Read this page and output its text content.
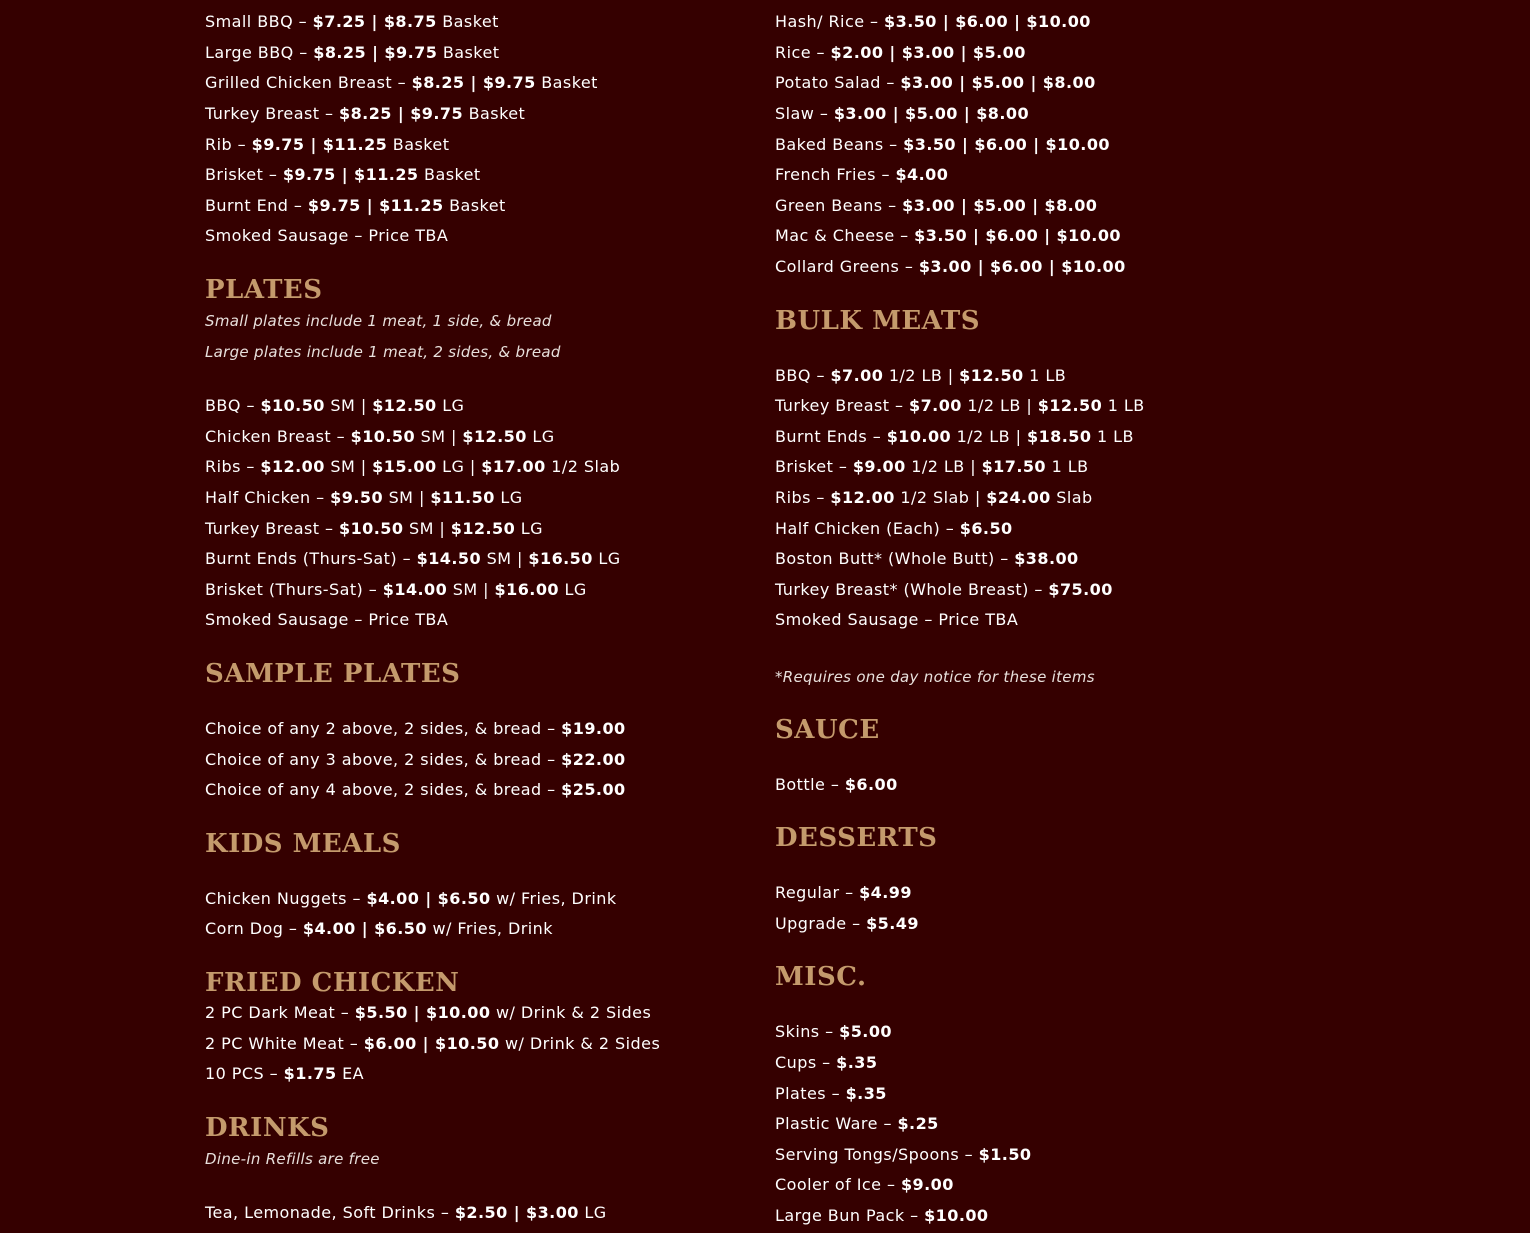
Small BBQ – $7.25 | $8.75 Basket
Large BBQ – $8.25 | $9.75 Basket
Grilled Chicken Breast – $8.25 | $9.75 Basket
Turkey Breast – $8.25 | $9.75 Basket
Rib – $9.75 | $11.25 Basket
Brisket – $9.75 | $11.25 Basket
Burnt End – $9.75 | $11.25 Basket
Smoked Sausage – Price TBA
PLATES
Small plates include 1 meat, 1 side, & bread
Large plates include 1 meat, 2 sides, & bread
BBQ – $10.50 SM | $12.50 LG
Chicken Breast – $10.50 SM | $12.50 LG
Ribs – $12.00 SM | $15.00 LG | $17.00 1/2 Slab
Half Chicken – $9.50 SM | $11.50 LG
Turkey Breast – $10.50 SM | $12.50 LG
Burnt Ends (Thurs-Sat) – $14.50 SM | $16.50 LG
Brisket (Thurs-Sat) – $14.00 SM | $16.00 LG
Smoked Sausage – Price TBA
SAMPLE PLATES
Choice of any 2 above, 2 sides, & bread – $19.00
Choice of any 3 above, 2 sides, & bread – $22.00
Choice of any 4 above, 2 sides, & bread – $25.00
KIDS MEALS
Chicken Nuggets – $4.00 | $6.50 w/ Fries, Drink
Corn Dog – $4.00 | $6.50 w/ Fries, Drink
FRIED CHICKEN
2 PC Dark Meat – $5.50 | $10.00 w/ Drink & 2 Sides
2 PC White Meat – $6.00 | $10.50 w/ Drink & 2 Sides
10 PCS – $1.75 EA
DRINKS
Dine-in Refills are free
Tea, Lemonade, Soft Drinks – $2.50 | $3.00 LG
Hash/ Rice – $3.50 | $6.00 | $10.00
Rice – $2.00 | $3.00 | $5.00
Potato Salad – $3.00 | $5.00 | $8.00
Slaw – $3.00 | $5.00 | $8.00
Baked Beans – $3.50 | $6.00 | $10.00
French Fries – $4.00
Green Beans – $3.00 | $5.00 | $8.00
Mac & Cheese – $3.50 | $6.00 | $10.00
Collard Greens – $3.00 | $6.00 | $10.00
BULK MEATS
BBQ – $7.00 1/2 LB | $12.50 1 LB
Turkey Breast – $7.00 1/2 LB | $12.50 1 LB
Burnt Ends – $10.00 1/2 LB | $18.50 1 LB
Brisket – $9.00 1/2 LB | $17.50 1 LB
Ribs – $12.00 1/2 Slab | $24.00 Slab
Half Chicken (Each) – $6.50
Boston Butt* (Whole Butt) – $38.00
Turkey Breast* (Whole Breast) – $75.00
Smoked Sausage – Price TBA
*Requires one day notice for these items
SAUCE
Bottle – $6.00
DESSERTS
Regular – $4.99
Upgrade – $5.49
MISC.
Skins – $5.00
Cups – $.35
Plates – $.35
Plastic Ware – $.25
Serving Tongs/Spoons – $1.50
Cooler of Ice – $9.00
Large Bun Pack – $10.00
